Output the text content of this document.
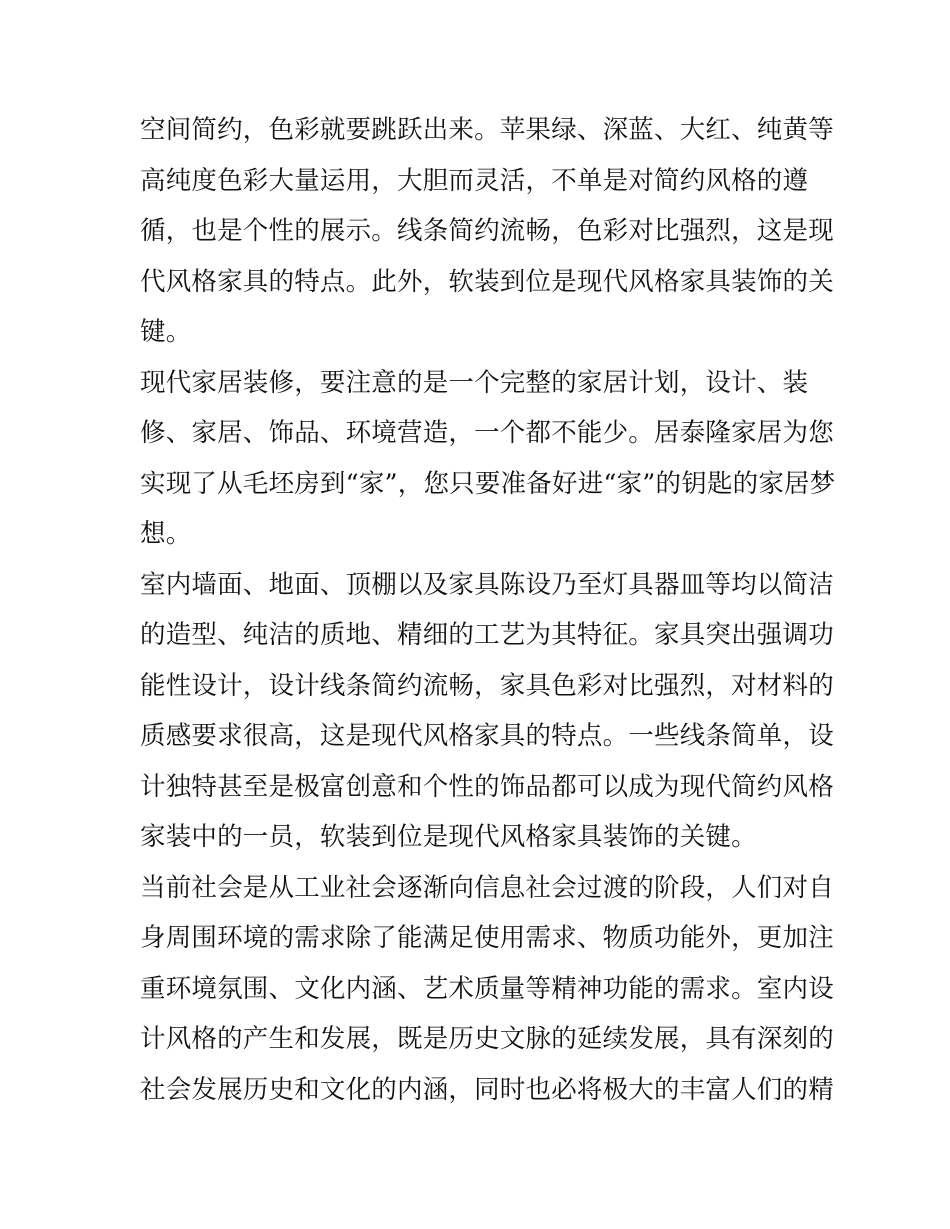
空间简约，色彩就要跳跃出来。苹果绿、深蓝、大红、纯黄等
高纯度色彩大量运用，大胆而灵活，不单是对简约风格的遵
循，也是个性的展示。线条简约流畅，色彩对比强烈，这是现
代风格家具的特点。此外，软装到位是现代风格家具装饰的关
键。
现代家居装修，要注意的是一个完整的家居计划，设计、装
修、家居、饰品、环境营造，一个都不能少。居泰隆家居为您
实现了从毛坯房到“家”，您只要准备好进“家”的钥匙的家居梦
想。
室内墙面、地面、顶棚以及家具陈设乃至灯具器皿等均以简洁
的造型、纯洁的质地、精细的工艺为其特征。家具突出强调功
能性设计，设计线条简约流畅，家具色彩对比强烈，对材料的
质感要求很高，这是现代风格家具的特点。一些线条简单，设
计独特甚至是极富创意和个性的饰品都可以成为现代简约风格
家装中的一员，软装到位是现代风格家具装饰的关键。
当前社会是从工业社会逐渐向信息社会过渡的阶段，人们对自
身周围环境的需求除了能满足使用需求、物质功能外，更加注
重环境氛围、文化内涵、艺术质量等精神功能的需求。室内设
计风格的产生和发展，既是历史文脉的延续发展，具有深刻的
社会发展历史和文化的内涵，同时也必将极大的丰富人们的精
